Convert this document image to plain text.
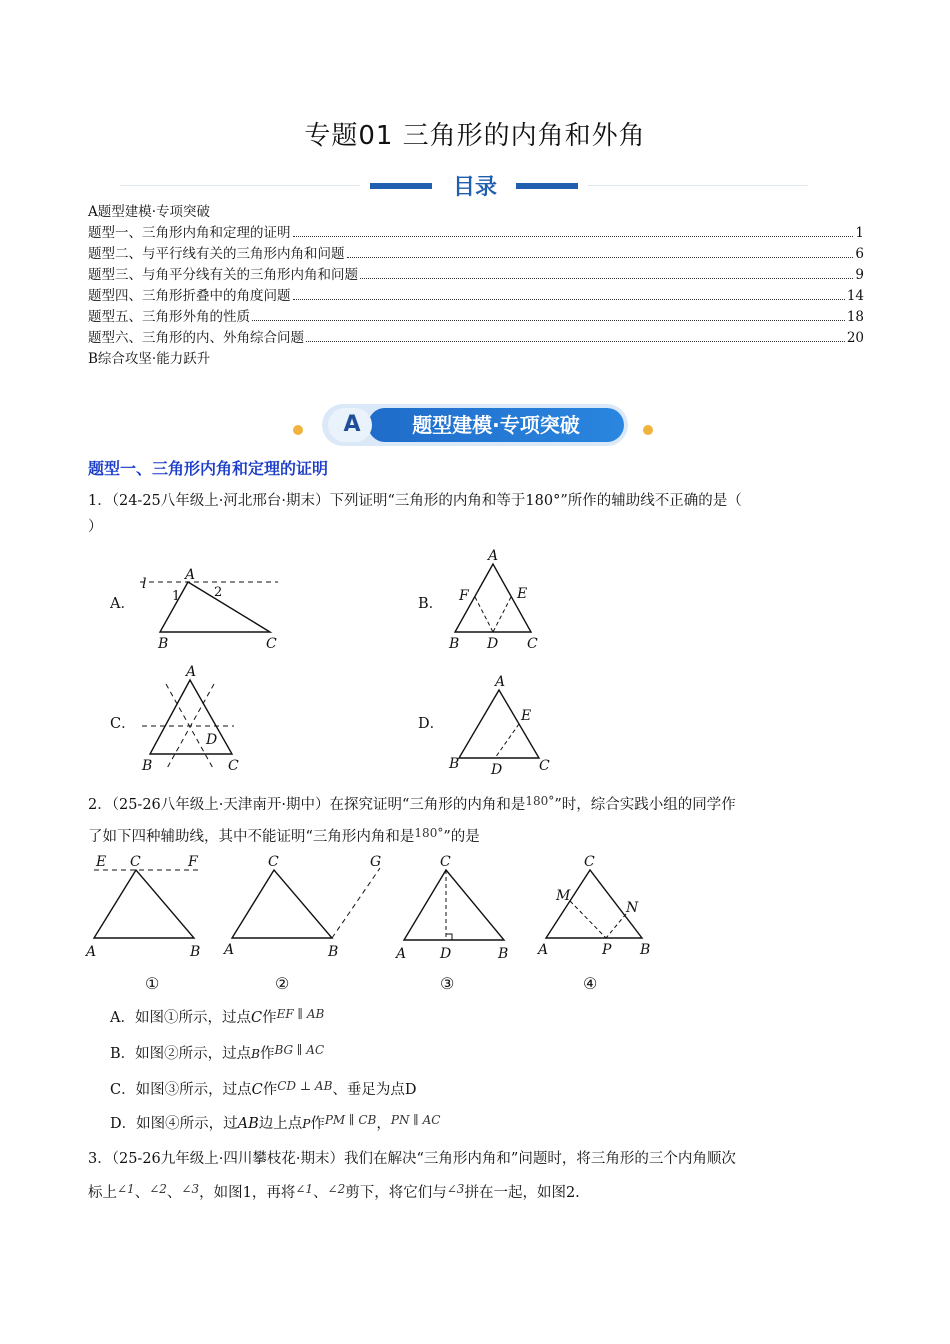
专题01 三角形的内角和外角
目录
A题型建模·专项突破
题型一、三角形内角和定理的证明	1
题型二、与平行线有关的三角形内角和问题	6
题型三、与角平分线有关的三角形内角和问题	9
题型四、三角形折叠中的角度问题	14
题型五、三角形外角的性质	18
题型六、三角形的内、外角综合问题	20
B综合攻坚·能力跃升
A	题型建模·专项突破
题型一、三角形内角和定理的证明
1．（24-25八年级上·河北邢台·期末）下列证明“三角形的内角和等于180°”所作的辅助线不正确的是（
）
A．
l
A
1	2
B	C
B．
A
F	E
B D C
C．
A
D
B	C
D．
A
E
B D	C
2．（25-26八年级上·天津南开·期中）在探究证明“三角形的内角和是$^{180^\circ}$”时，综合实践小组的同学作
了如下四种辅助线，其中不能证明“三角形内角和是$^{180^\circ}$”的是
E C	F
A	B
C	G
A	B
C
A D	B
C
M
N
A	P B
①	②	③	④
A．如图①所示，过点C作$^{EF \parallel AB}$
B．如图②所示，过点B作$^{BG \parallel AC}$
C．如图③所示，过点C作$^{CD \perp AB}$、垂足为点D
D．如图④所示，过AB边上点P作$^{PM \parallel CB}$，$^{PN \parallel AC}$
3．（25-26九年级上·四川攀枝花·期末）我们在解决“三角形内角和”问题时，将三角形的三个内角顺次
标上$^{\angle 1}$、$^{\angle 2}$、$^{\angle 3}$，如图1，再将$^{\angle 1}$、$^{\angle 2}$剪下，将它们与$^{\angle 3}$拼在一起，如图2.
